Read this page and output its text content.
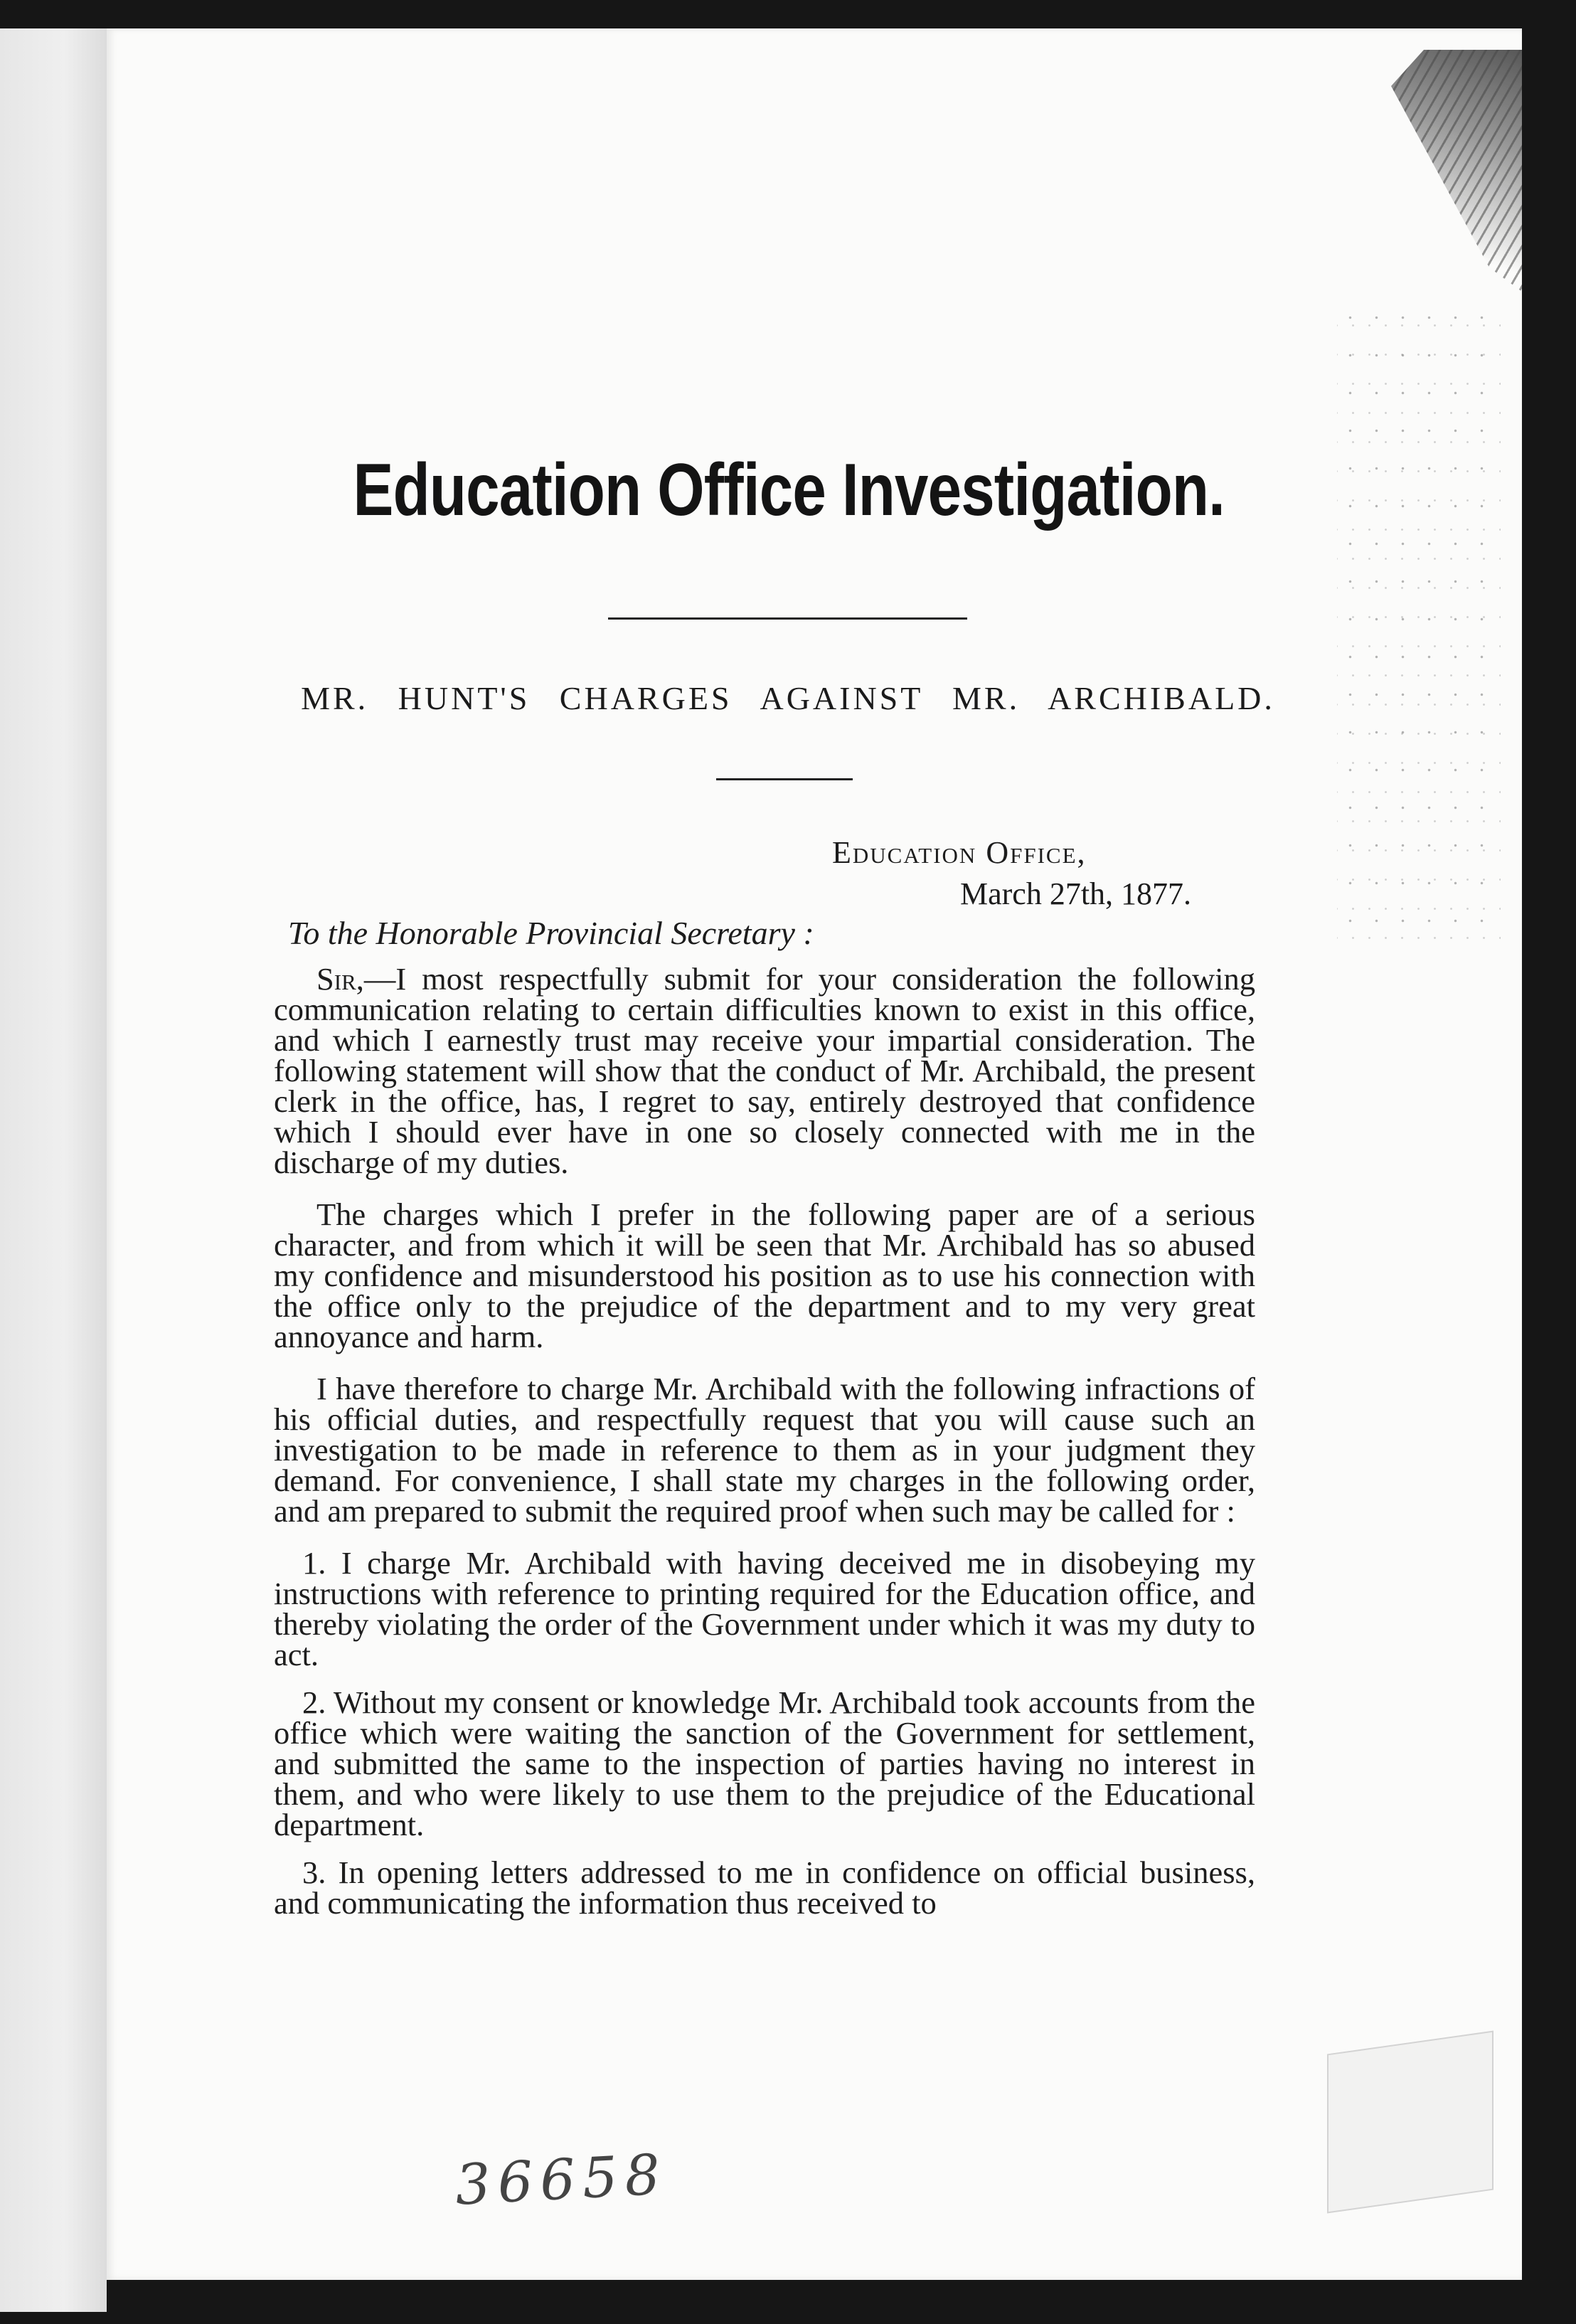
Education Office Investigation.
MR. HUNT'S CHARGES AGAINST MR. ARCHIBALD.
Education Office,
March 27th, 1877.
To the Honorable Provincial Secretary :

Sir,—I most respectfully submit for your consideration the following communication relating to certain difficulties known to exist in this office, and which I earnestly trust may receive your impartial consideration. The following statement will show that the conduct of Mr. Archibald, the present clerk in the office, has, I regret to say, entirely destroyed that confidence which I should ever have in one so closely connected with me in the discharge of my duties.

The charges which I prefer in the following paper are of a serious character, and from which it will be seen that Mr. Archibald has so abused my confidence and misunderstood his position as to use his connection with the office only to the prejudice of the department and to my very great annoyance and harm.

I have therefore to charge Mr. Archibald with the following infractions of his official duties, and respectfully request that you will cause such an investigation to be made in reference to them as in your judgment they demand. For convenience, I shall state my charges in the following order, and am prepared to submit the required proof when such may be called for :

1. I charge Mr. Archibald with having deceived me in disobeying my instructions with reference to printing required for the Education office, and thereby violating the order of the Government under which it was my duty to act.

2. Without my consent or knowledge Mr. Archibald took accounts from the office which were waiting the sanction of the Government for settlement, and submitted the same to the inspection of parties having no interest in them, and who were likely to use them to the prejudice of the Educational department.

3. In opening letters addressed to me in confidence on official business, and communicating the information thus received to

36658
